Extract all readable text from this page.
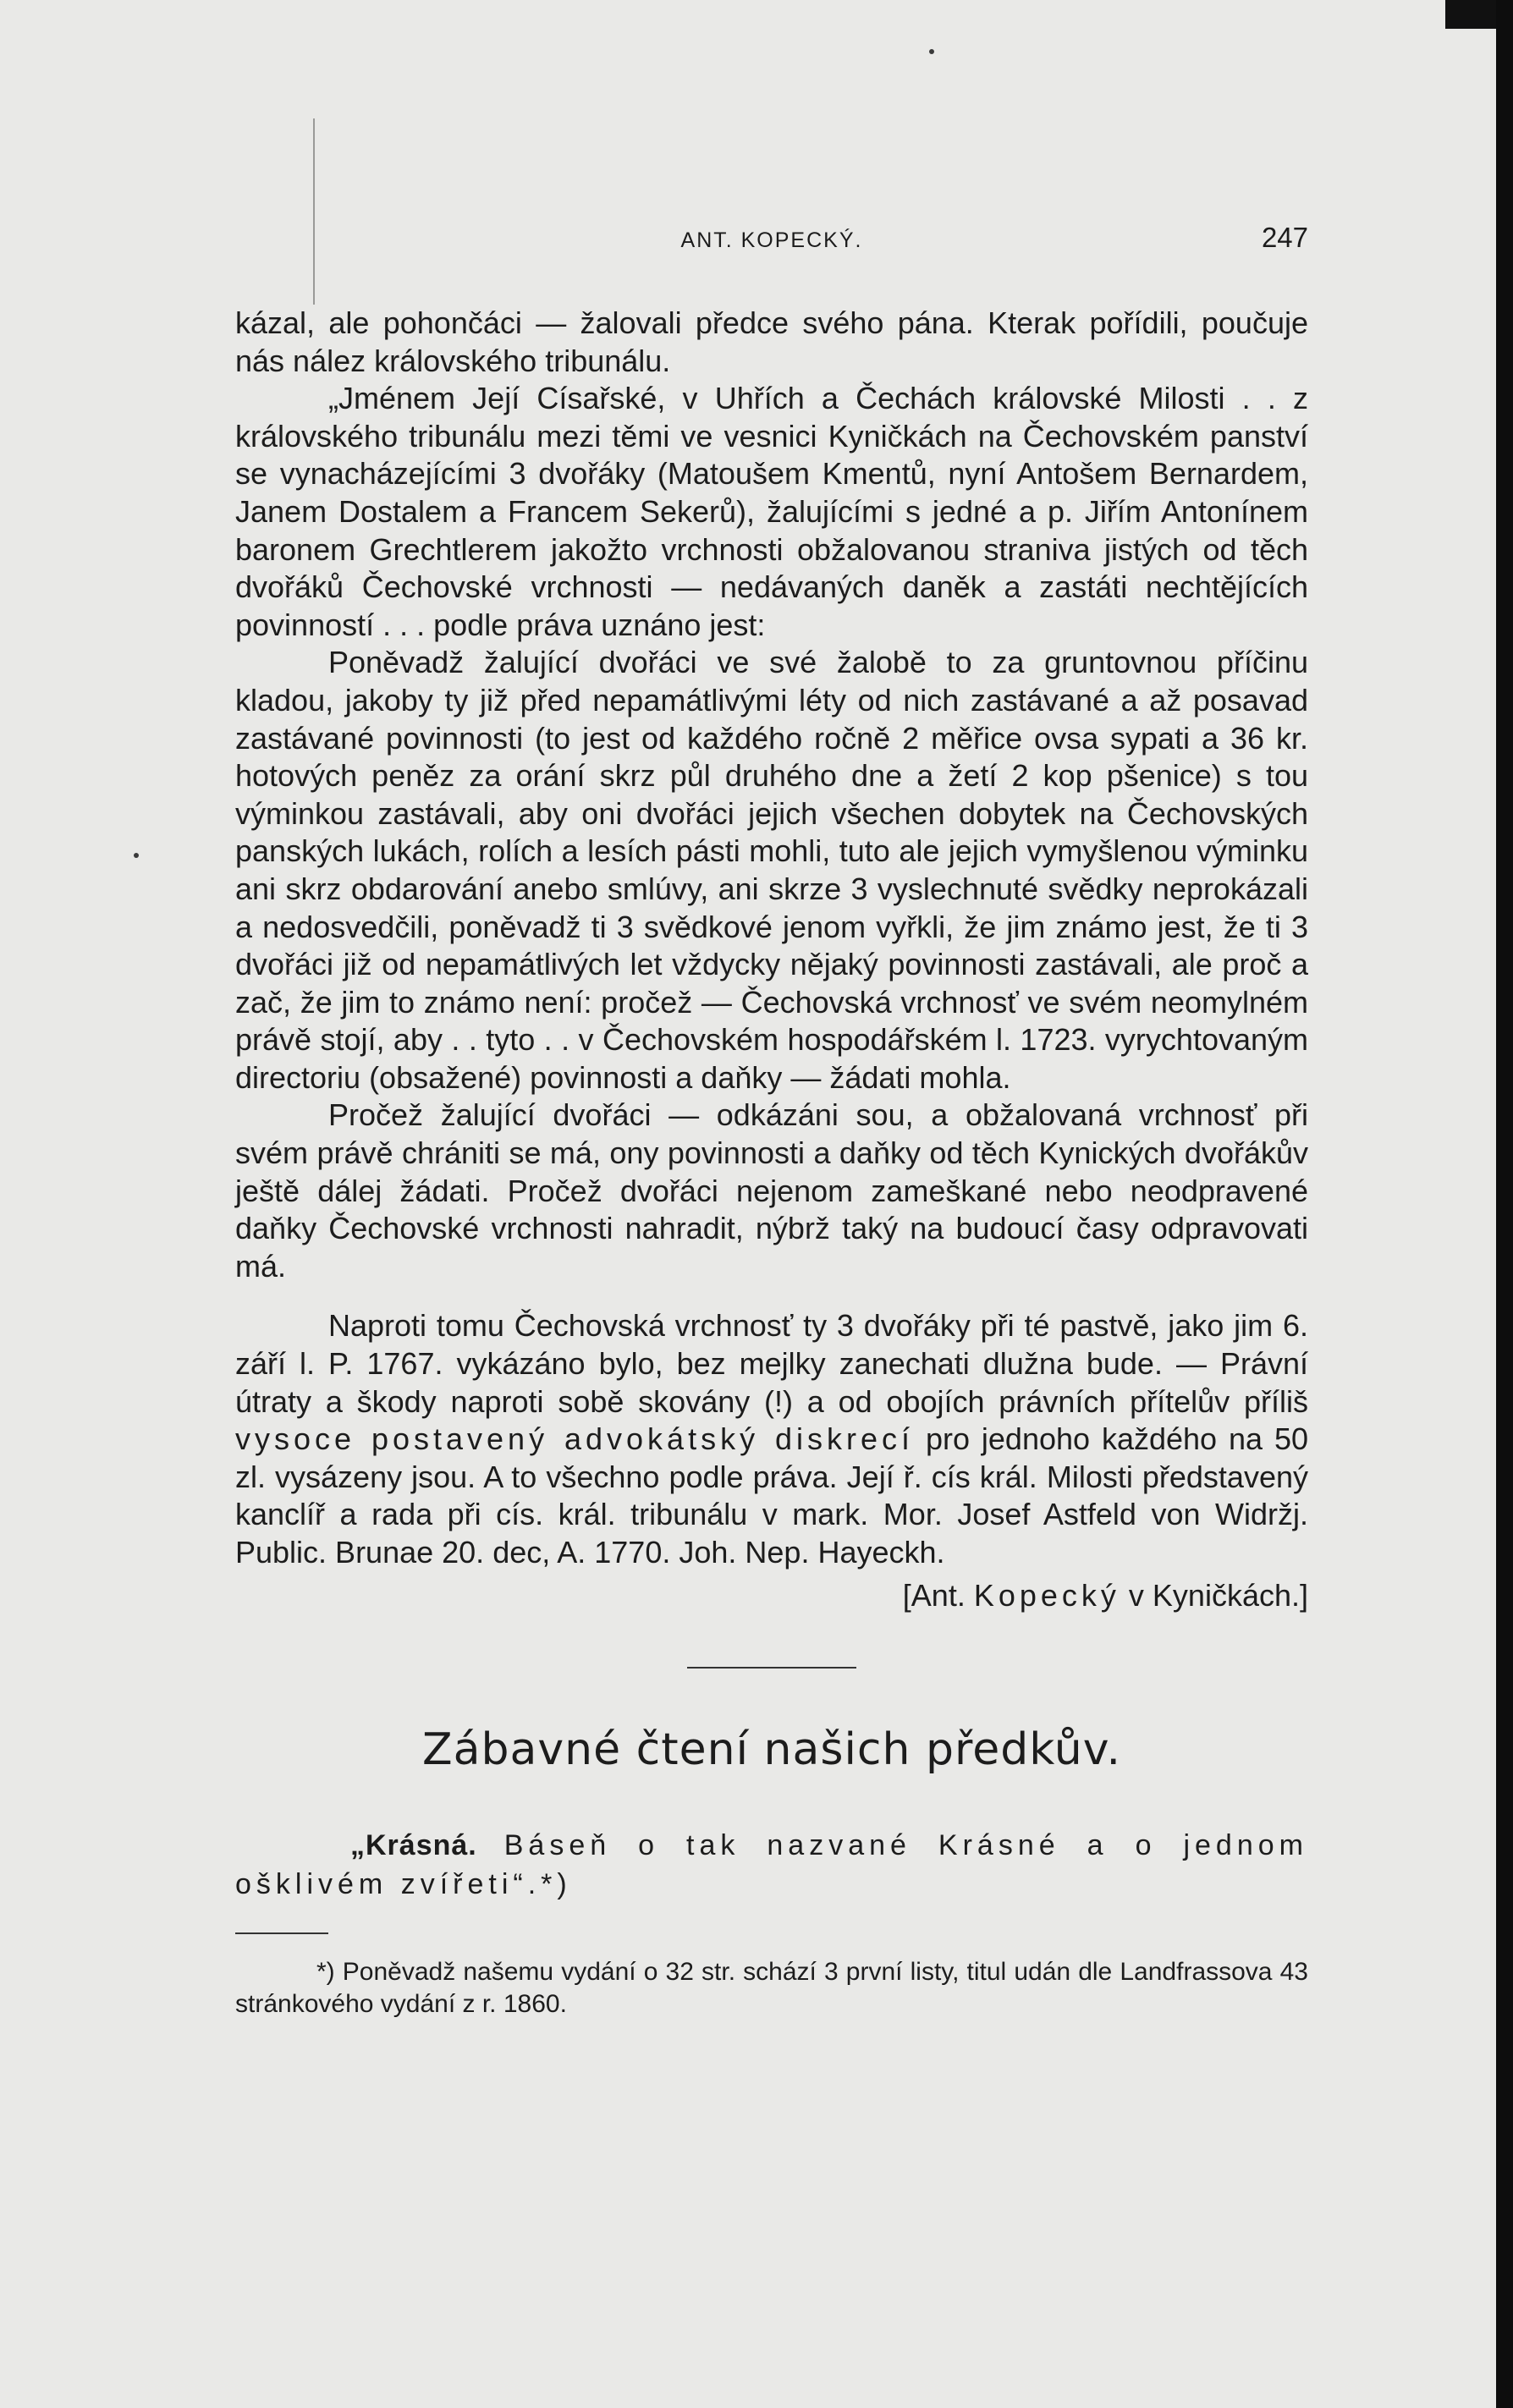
ANT. KOPECKÝ.	247

kázal, ale pohončáci — žalovali předce svého pána. Kterak pořídili, poučuje nás nález královského tribunálu.

„Jménem Její Císařské, v Uhřích a Čechách královské Milosti . . z královského tribunálu mezi těmi ve vesnici Kyničkách na Čechovském panství se vynacházejícími 3 dvořáky (Matoušem Kmentů, nyní Antošem Bernardem, Janem Dostalem a Francem Sekerů), žalujícími s jedné a p. Jiřím Antonínem baronem Grechtlerem jakožto vrchnosti obžalovanou straniva jistých od těch dvořáků Čechovské vrchnosti — nedávaných daněk a zastáti nechtějících povinností . . . podle práva uznáno jest:

Poněvadž žalující dvořáci ve své žalobě to za gruntovnou příčinu kladou, jakoby ty již před nepamátlivými léty od nich zastávané a až posavad zastávané povinnosti (to jest od každého ročně 2 měřice ovsa sypati a 36 kr. hotových peněz za orání skrz půl druhého dne a žetí 2 kop pšenice) s tou výminkou zastávali, aby oni dvořáci jejich všechen dobytek na Čechovských panských lukách, rolích a lesích pásti mohli, tuto ale jejich vymyšlenou výminku ani skrz obdarování anebo smlúvy, ani skrze 3 vyslechnuté svědky neprokázali a nedosvedčili, poněvadž ti 3 svědkové jenom vyřkli, že jim známo jest, že ti 3 dvořáci již od nepamátlivých let vždycky nějaký povinnosti zastávali, ale proč a zač, že jim to známo není: pročež — Čechovská vrchnosť ve svém neomylném právě stojí, aby . . tyto . . v Čechovském hospodářském l. 1723. vyrychtovaným directoriu (obsažené) povinnosti a daňky — žádati mohla.

Pročež žalující dvořáci — odkázáni sou, a obžalovaná vrchnosť při svém právě chrániti se má, ony povinnosti a daňky od těch Kynických dvořákův ještě dálej žádati. Pročež dvořáci nejenom zameškané nebo neodpravené daňky Čechovské vrchnosti nahradit, nýbrž taký na budoucí časy odpravovati má.

Naproti tomu Čechovská vrchnosť ty 3 dvořáky při té pastvě, jako jim 6. září l. P. 1767. vykázáno bylo, bez mejlky zanechati dlužna bude. — Právní útraty a škody naproti sobě skovány (!) a od obojích právních přítelův příliš vysoce postavený advokátský diskrecí pro jednoho každého na 50 zl. vysázeny jsou. A to všechno podle práva. Její ř. cís král. Milosti představený kanclíř a rada při cís. král. tribunálu v mark. Mor. Josef Astfeld von Widržj. Public. Brunae 20. dec, A. 1770. Joh. Nep. Hayeckh.

[Ant. Kopecký v Kyničkách.]
Zábavné čtení našich předkův.

„Krásná. Báseň o tak nazvané Krásné a o jednom ošklivém zvířeti“.*)

*) Poněvadž našemu vydání o 32 str. schází 3 první listy, titul udán dle Landfrassova 43 stránkového vydání z r. 1860.
